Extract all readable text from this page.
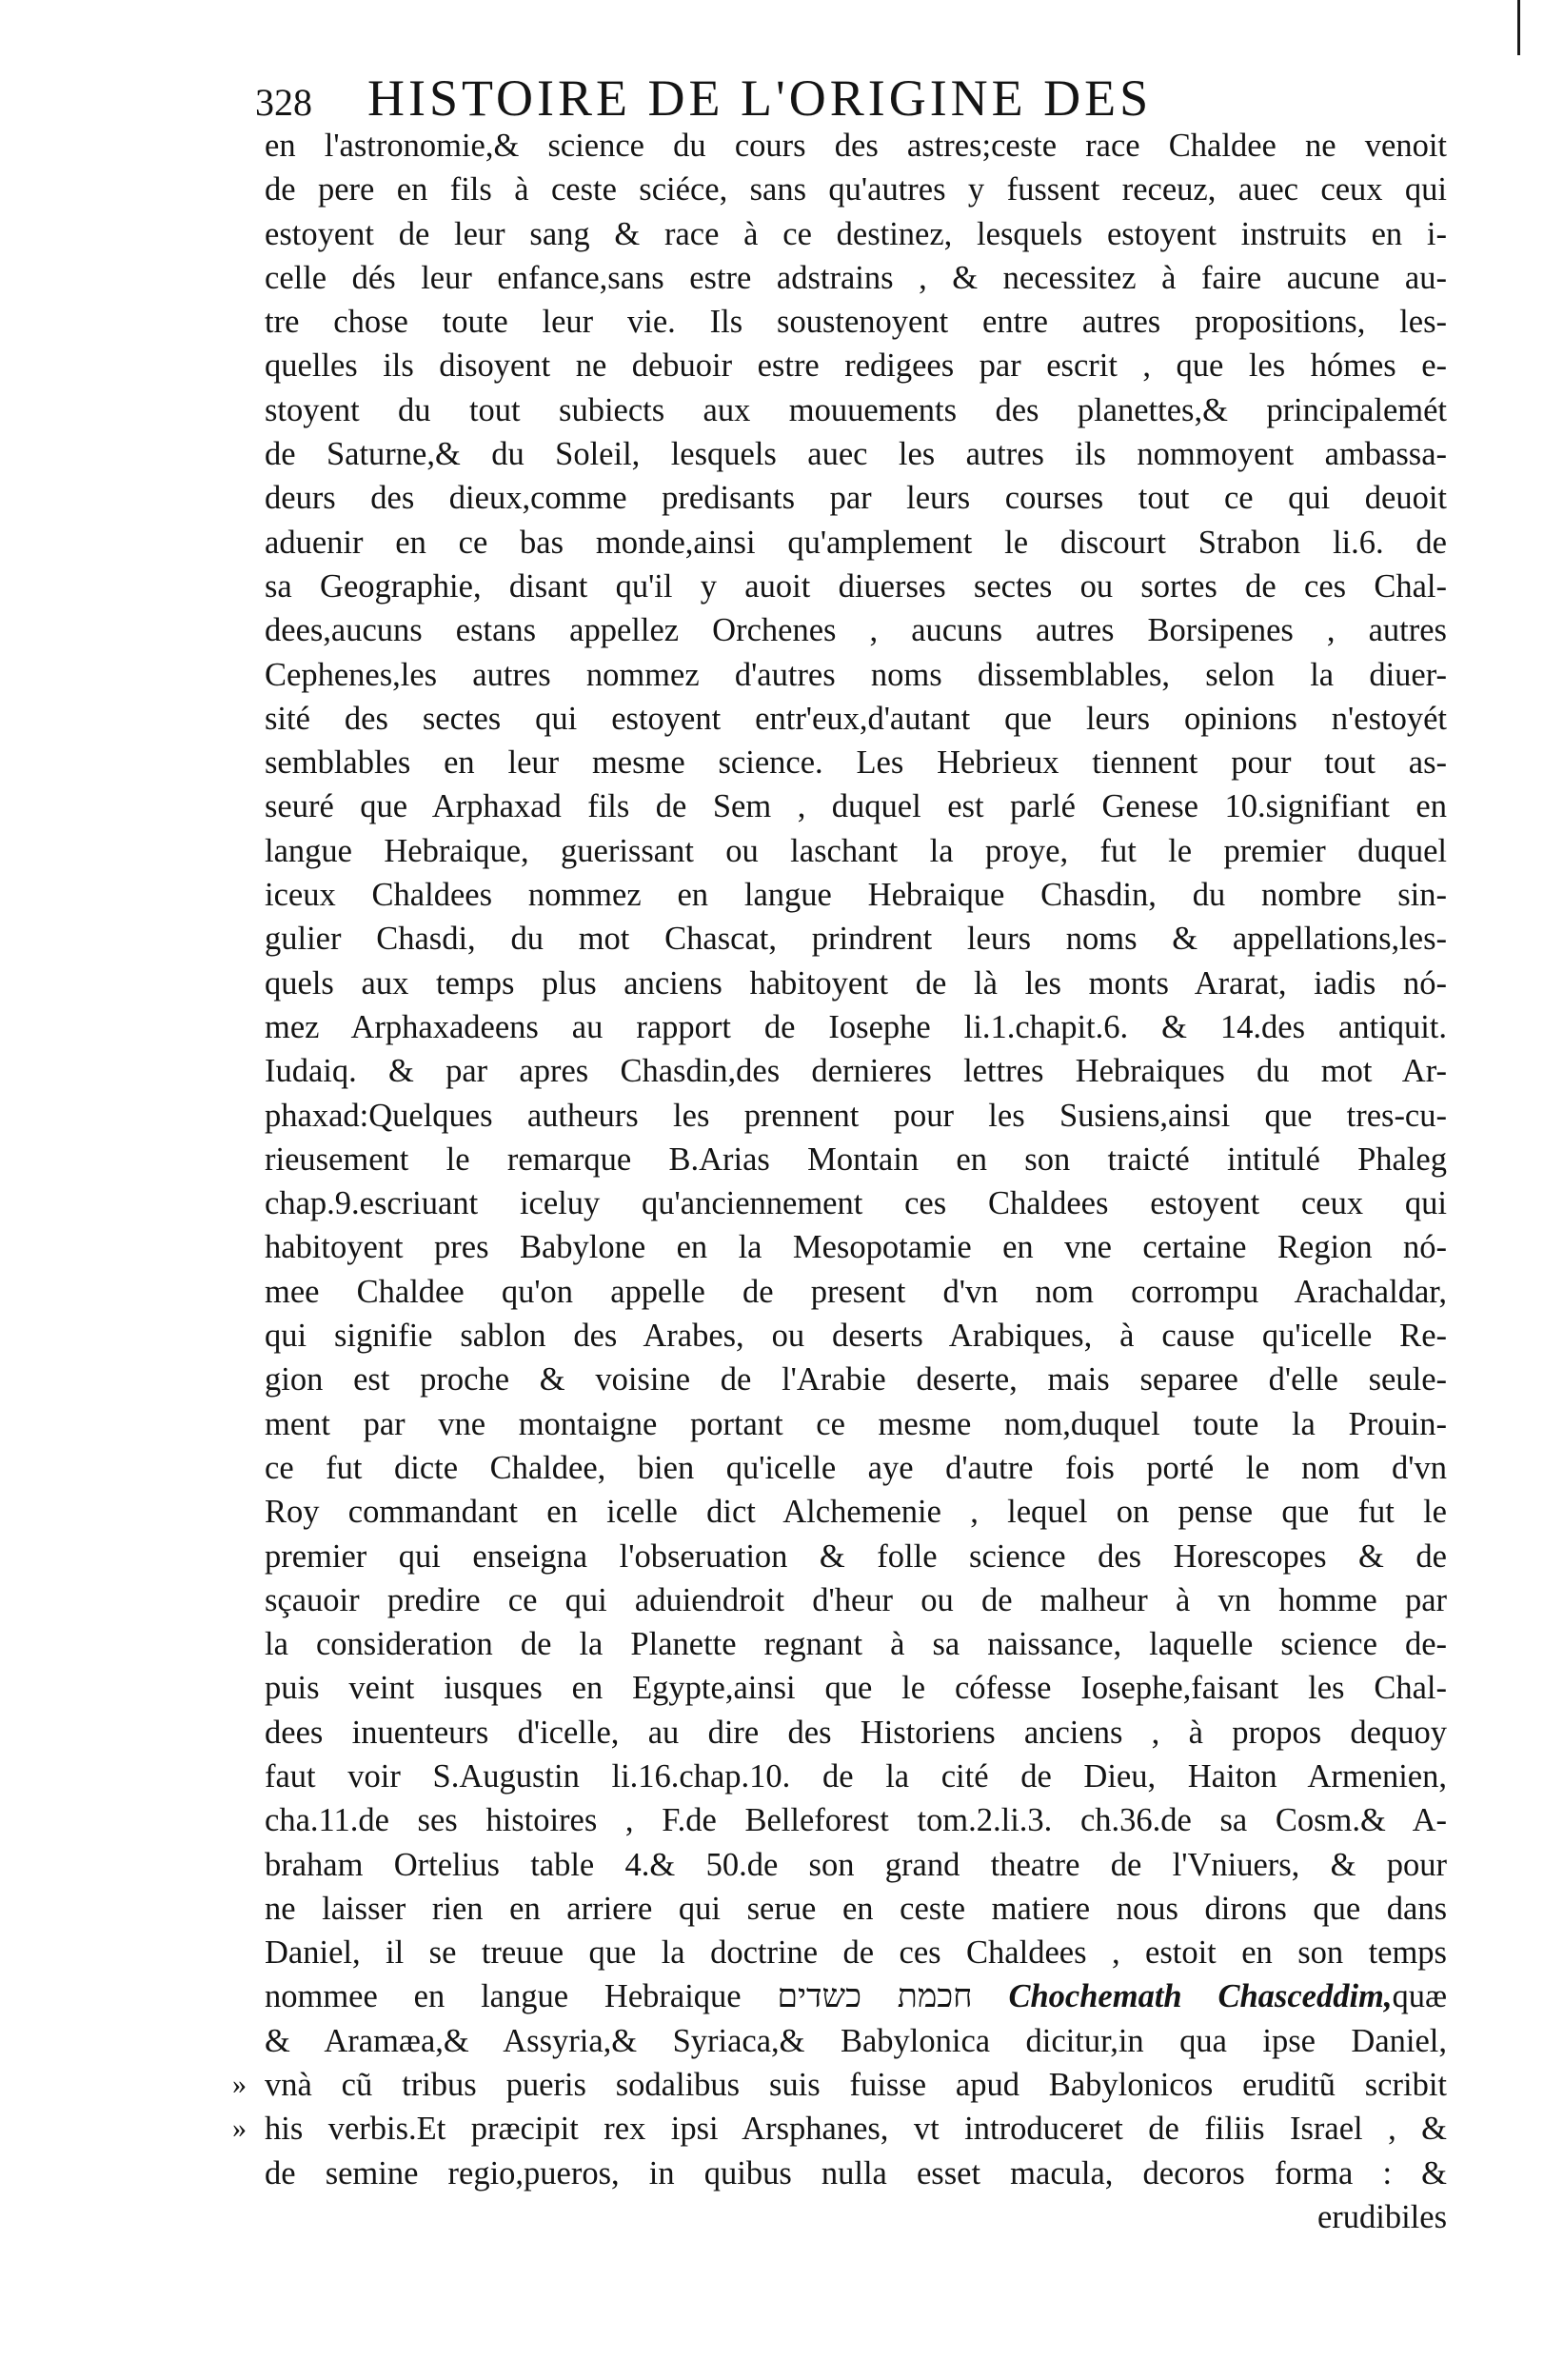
328 HISTOIRE DE L'ORIGINE DES
en l'astronomie,& science du cours des astres;ceste race Chaldee ne venoit
de pere en fils à ceste sciéce, sans qu'autres y fussent receuz, auec ceux qui
estoyent de leur sang & race à ce destinez, lesquels estoyent instruits en i-
celle dés leur enfance,sans estre adstrains , & necessitez à faire aucune au-
tre chose toute leur vie. Ils soustenoyent entre autres propositions, les-
quelles ils disoyent ne debuoir estre redigees par escrit , que les hómes e-
stoyent du tout subiects aux mouuements des planettes,& principalemét
de Saturne,& du Soleil, lesquels auec les autres ils nommoyent ambassa-
deurs des dieux,comme predisants par leurs courses tout ce qui deuoit
aduenir en ce bas monde,ainsi qu'amplement le discourt Strabon li.6. de
sa Geographie, disant qu'il y auoit diuerses sectes ou sortes de ces Chal-
dees,aucuns estans appellez Orchenes , aucuns autres Borsipenes , autres
Cephenes,les autres nommez d'autres noms dissemblables, selon la diuer-
sité des sectes qui estoyent entr'eux,d'autant que leurs opinions n'estoyét
semblables en leur mesme science. Les Hebrieux tiennent pour tout as-
seuré que Arphaxad fils de Sem , duquel est parlé Genese 10.signifiant en
langue Hebraique, guerissant ou laschant la proye, fut le premier duquel
iceux Chaldees nommez en langue Hebraique Chasdin, du nombre sin-
gulier Chasdi, du mot Chascat, prindrent leurs noms & appellations,les-
quels aux temps plus anciens habitoyent de là les monts Ararat, iadis nó-
mez Arphaxadeens au rapport de Iosephe li.1.chapit.6. & 14.des antiquit.
Iudaiq. & par apres Chasdin,des dernieres lettres Hebraiques du mot Ar-
phaxad:Quelques autheurs les prennent pour les Susiens,ainsi que tres-cu-
rieusement le remarque B.Arias Montain en son traicté intitulé Phaleg
chap.9.escriuant iceluy qu'anciennement ces Chaldees estoyent ceux qui
habitoyent pres Babylone en la Mesopotamie en vne certaine Region nó-
mee Chaldee qu'on appelle de present d'vn nom corrompu Arachaldar,
qui signifie sablon des Arabes, ou deserts Arabiques, à cause qu'icelle Re-
gion est proche & voisine de l'Arabie deserte, mais separee d'elle seule-
ment par vne montaigne portant ce mesme nom,duquel toute la Prouin-
ce fut dicte Chaldee, bien qu'icelle aye d'autre fois porté le nom d'vn
Roy commandant en icelle dict Alchemenie , lequel on pense que fut le
premier qui enseigna l'obseruation & folle science des Horescopes & de
sçauoir predire ce qui aduiendroit d'heur ou de malheur à vn homme par
la consideration de la Planette regnant à sa naissance, laquelle science de-
puis veint iusques en Egypte,ainsi que le cófesse Iosephe,faisant les Chal-
dees inuenteurs d'icelle, au dire des Historiens anciens , à propos dequoy
faut voir S.Augustin li.16.chap.10. de la cité de Dieu, Haiton Armenien,
cha.11.de ses histoires , F.de Belleforest tom.2.li.3. ch.36.de sa Cosm.& A-
braham Ortelius table 4.& 50.de son grand theatre de l'Vniuers, & pour
ne laisser rien en arriere qui serue en ceste matiere nous dirons que dans
Daniel, il se treuue que la doctrine de ces Chaldees , estoit en son temps
nommee en langue Hebraique חכמת כשדים Chochemath Chasceddim,quæ
& Aramæa,& Assyria,& Syriaca,& Babylonica dicitur,in qua ipse Daniel,
» vnà cũ tribus pueris sodalibus suis fuisse apud Babylonicos eruditũ scribit
» his verbis.Et præcipit rex ipsi Arsphanes, vt introduceret de filiis Israel , &
de semine regio,pueros, in quibus nulla esset macula, decoros forma : &
erudibiles
